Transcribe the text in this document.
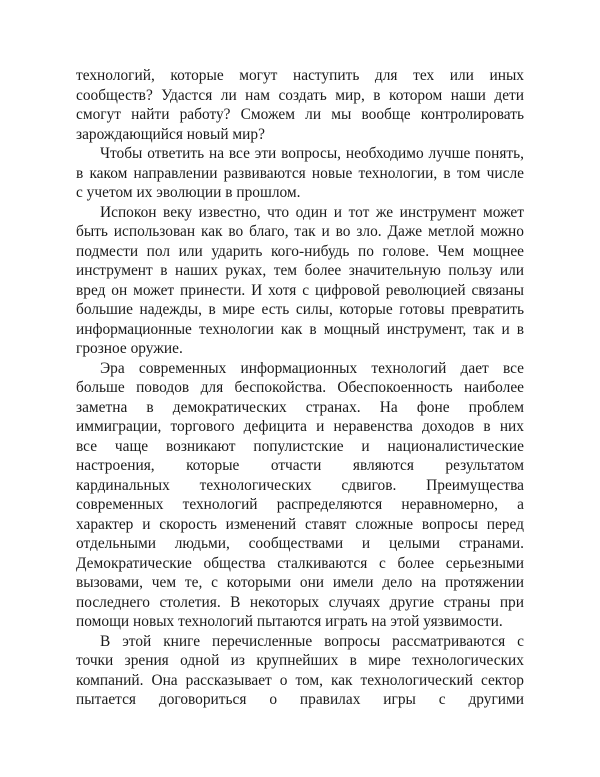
технологий, которые могут наступить для тех или иных
сообществ? Удастся ли нам создать мир, в котором наши дети
смогут найти работу? Сможем ли мы вообще контролировать
зарождающийся новый мир?
Чтобы ответить на все эти вопросы, необходимо лучше понять,
в каком направлении развиваются новые технологии, в том числе
с учетом их эволюции в прошлом.
Испокон веку известно, что один и тот же инструмент может
быть использован как во благо, так и во зло. Даже метлой можно
подмести пол или ударить кого-нибудь по голове. Чем мощнее
инструмент в наших руках, тем более значительную пользу или
вред он может принести. И хотя с цифровой революцией связаны
большие надежды, в мире есть силы, которые готовы превратить
информационные технологии как в мощный инструмент, так и в
грозное оружие.
Эра современных информационных технологий дает все
больше поводов для беспокойства. Обеспокоенность наиболее
заметна в демократических странах. На фоне проблем
иммиграции, торгового дефицита и неравенства доходов в них
все чаще возникают популистские и националистические
настроения, которые отчасти являются результатом
кардинальных технологических сдвигов. Преимущества
современных технологий распределяются неравномерно, а
характер и скорость изменений ставят сложные вопросы перед
отдельными людьми, сообществами и целыми странами.
Демократические общества сталкиваются с более серьезными
вызовами, чем те, с которыми они имели дело на протяжении
последнего столетия. В некоторых случаях другие страны при
помощи новых технологий пытаются играть на этой уязвимости.
В этой книге перечисленные вопросы рассматриваются с
точки зрения одной из крупнейших в мире технологических
компаний. Она рассказывает о том, как технологический сектор
пытается договориться о правилах игры с другими
